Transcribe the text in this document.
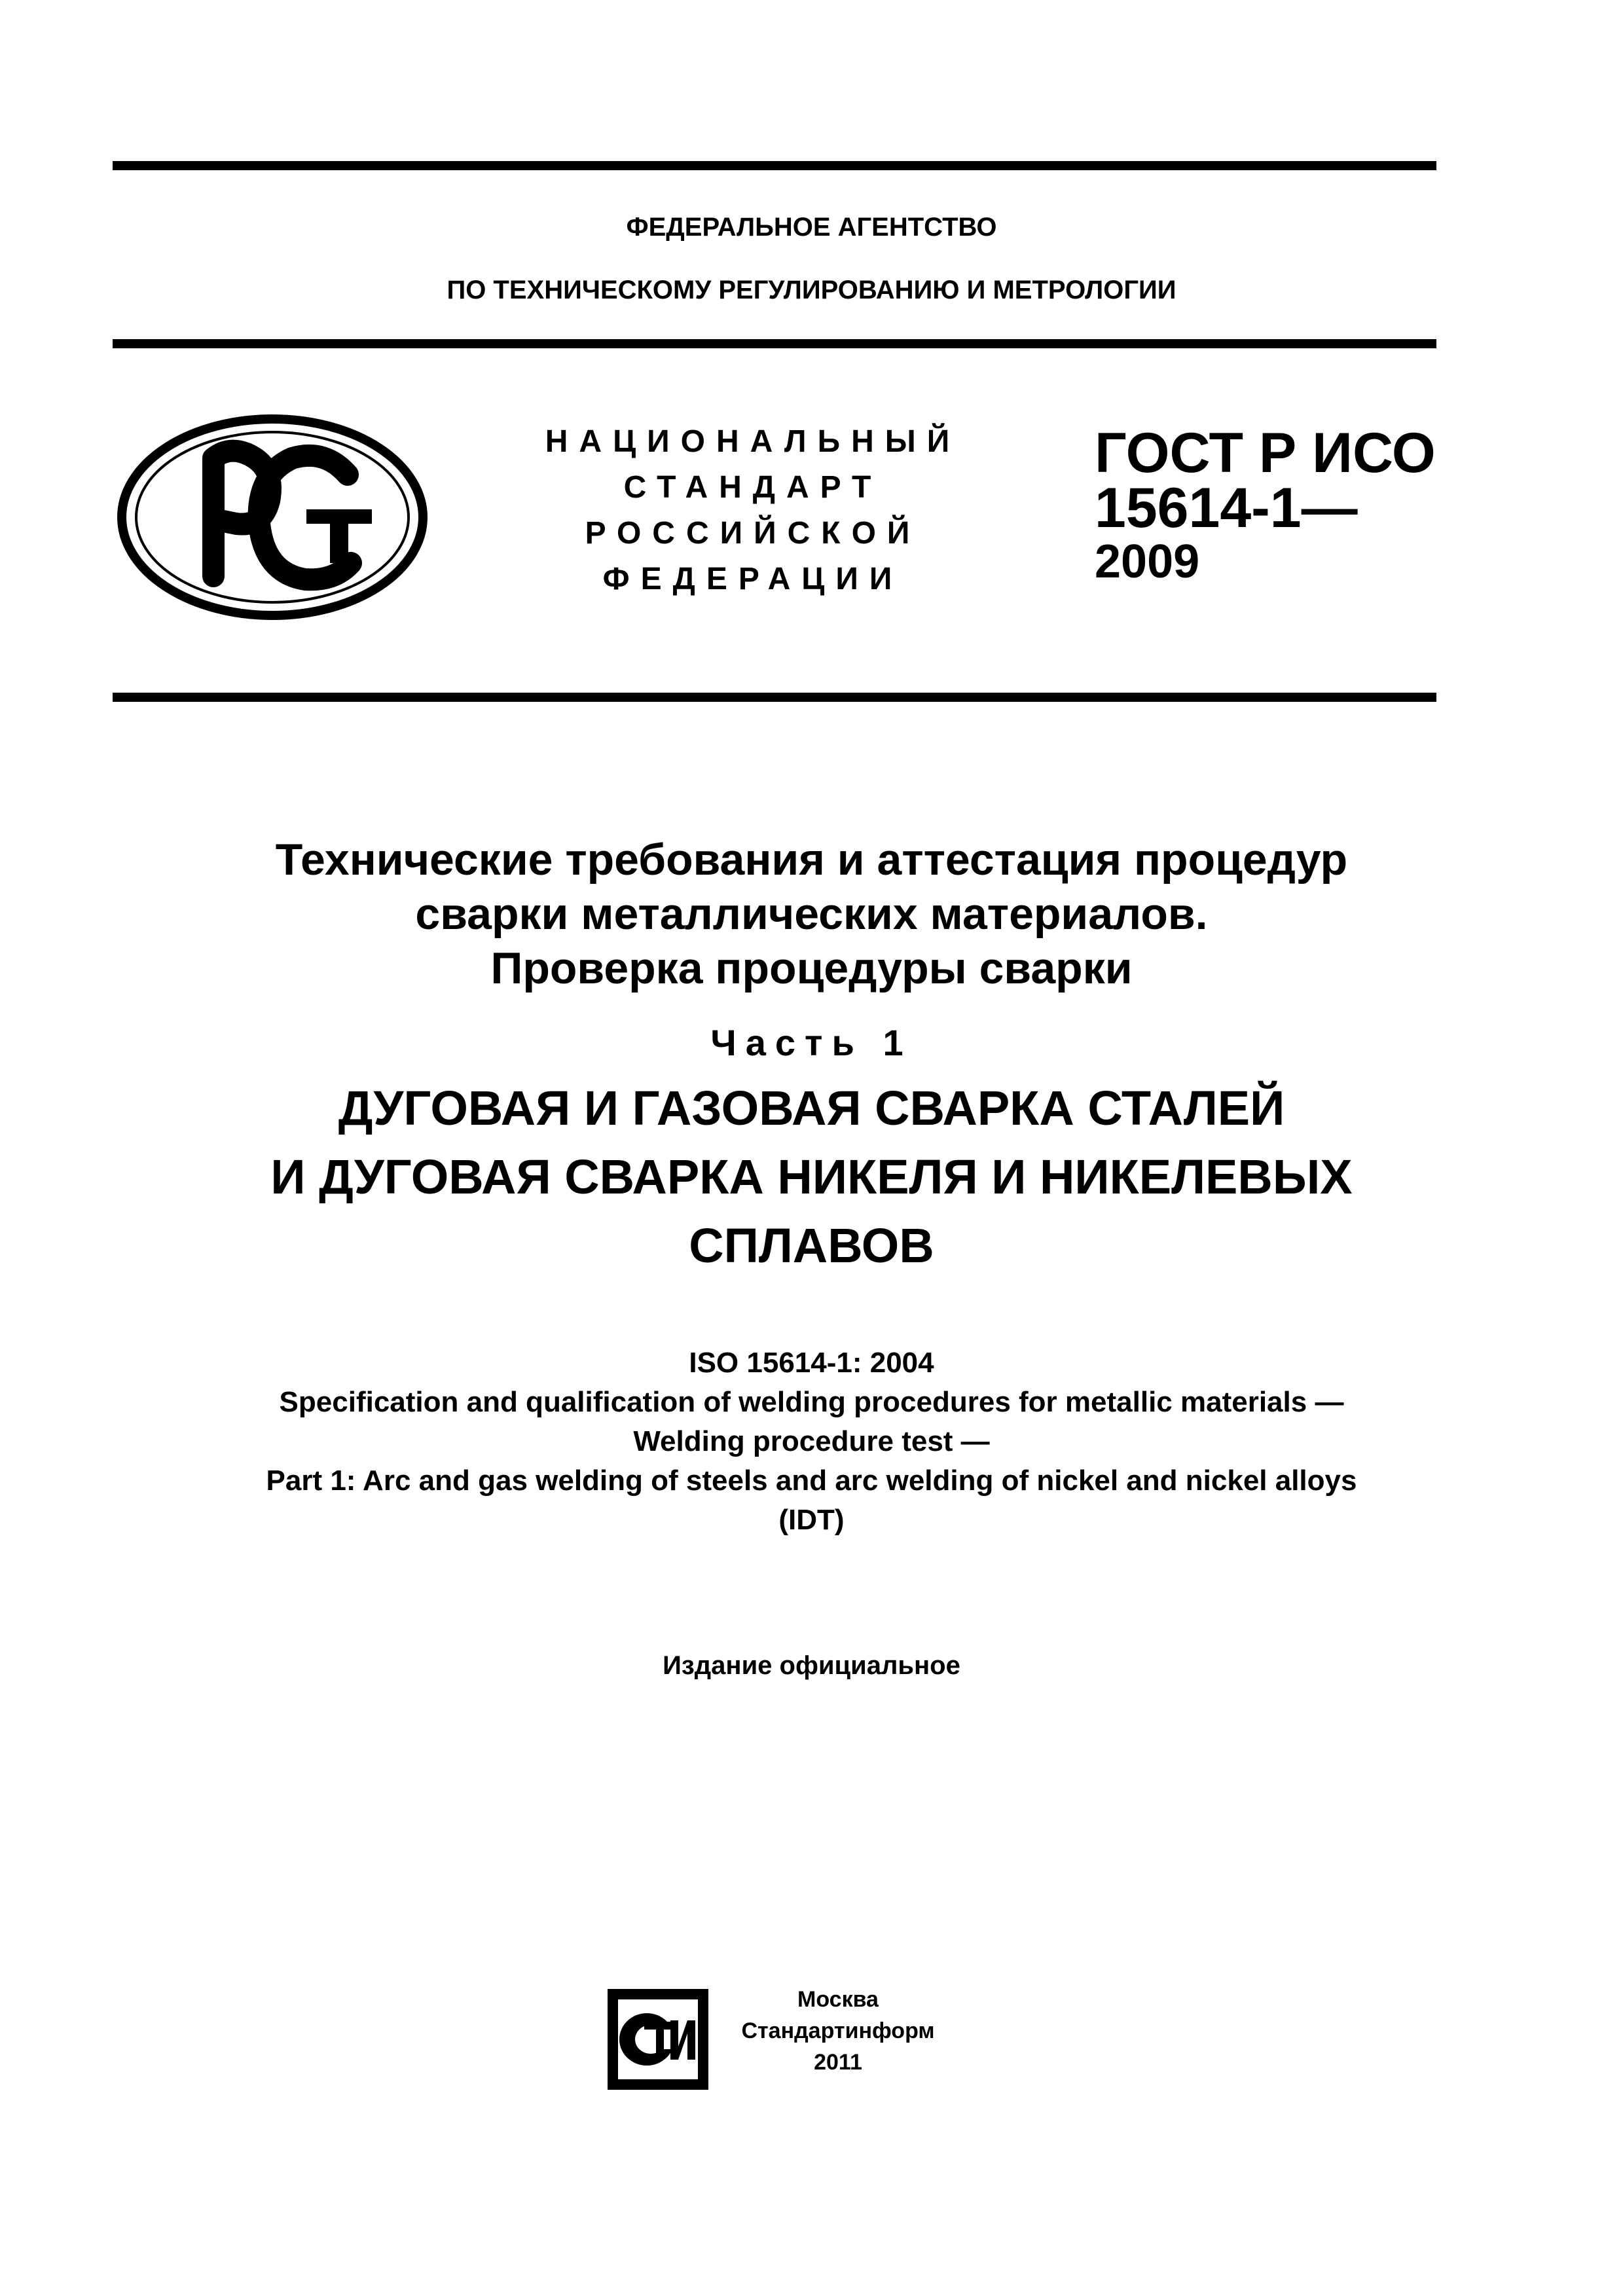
ФЕДЕРАЛЬНОЕ АГЕНТСТВО
ПО ТЕХНИЧЕСКОМУ РЕГУЛИРОВАНИЮ И МЕТРОЛОГИИ
НАЦИОНАЛЬНЫЙ
СТАНДАРТ
РОССИЙСКОЙ
ФЕДЕРАЦИИ
ГОСТ Р ИСО
15614-1—
2009
Технические требования и аттестация процедур
сварки металлических материалов.
Проверка процедуры сварки
Часть 1
ДУГОВАЯ И ГАЗОВАЯ СВАРКА СТАЛЕЙ
И ДУГОВАЯ СВАРКА НИКЕЛЯ И НИКЕЛЕВЫХ
СПЛАВОВ
ISO 15614-1: 2004
Specification and qualification of welding procedures for metallic materials —
Welding procedure test —
Part 1: Arc and gas welding of steels and arc welding of nickel and nickel alloys
(IDT)
Издание официальное
Москва
Стандартинформ
2011
